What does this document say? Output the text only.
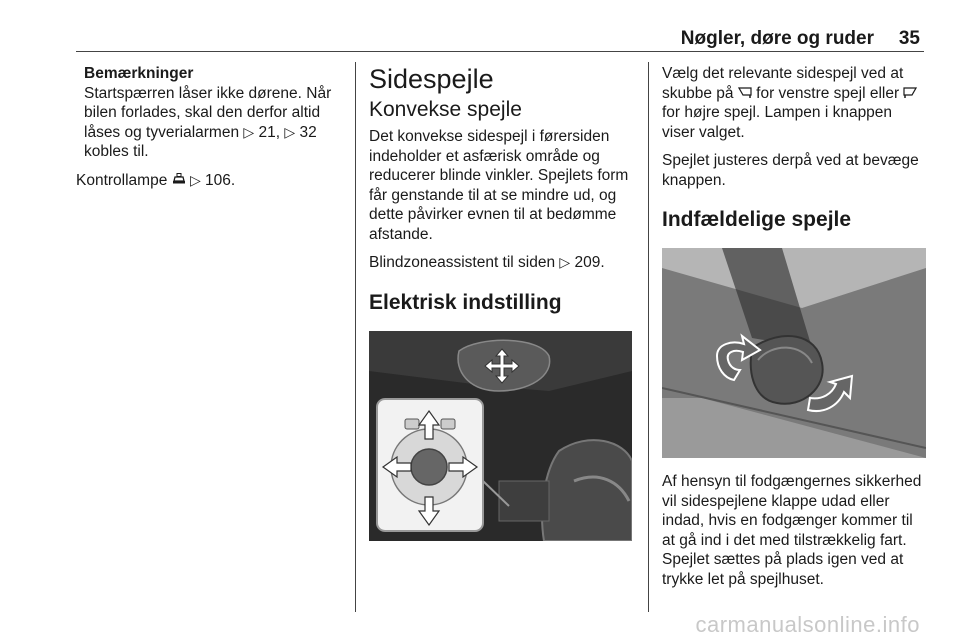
Nøgler, døre og ruder 35
Bemærkninger

Startspærren låser ikke dørene. Når bilen forlades, skal den derfor altid låses og tyverialarmen ▷ 21, ▷ 32 kobles til.

Kontrollampe ▷ 106.

Sidespejle
Konvekse spejle

Det konvekse sidespejl i førersiden indeholder et asfærisk område og reducerer blinde vinkler. Spejlets form får genstande til at se mindre ud, og dette påvirker evnen til at bedømme afstande.

Blindzoneassistent til siden ▷ 209.

Elektrisk indstilling

Vælg det relevante sidespejl ved at skubbe på for venstre spejl eller  for højre spejl. Lampen i knappen viser valget.

Spejlet justeres derpå ved at bevæge knappen.

Indfældelige spejle

Af hensyn til fodgængernes sikkerhed vil sidespejlene klappe udad eller indad, hvis en fodgænger kommer til at gå ind i det med tilstrækkelig fart. Spejlet sættes på plads igen ved at trykke let på spejlhuset.

carmanualsonline.info
